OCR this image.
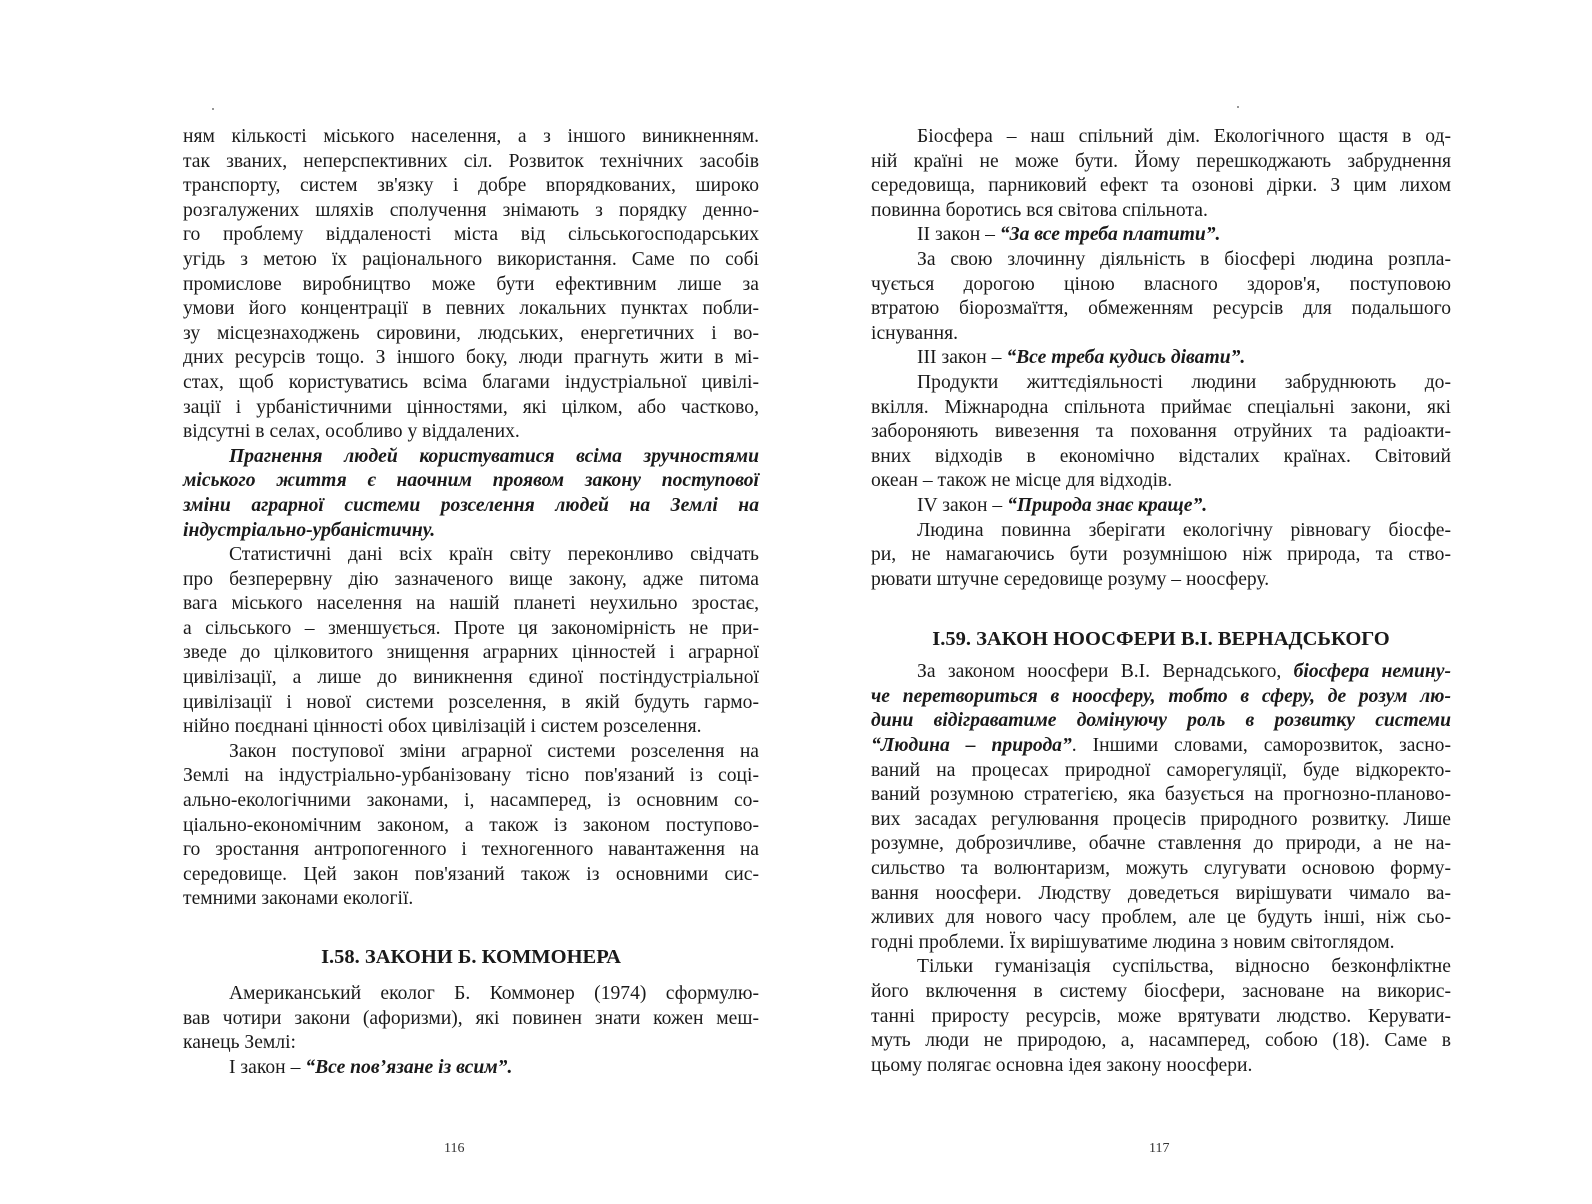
ням кількості міського населення, а з іншого виникненням.
так званих, неперспективних сіл. Розвиток технічних засобів
транспорту, систем зв'язку і добре впорядкованих, широко
розгалужених шляхів сполучення знімають з порядку денно-
го проблему віддаленості міста від сільськогосподарських
угідь з метою їх раціонального використання. Саме по собі
промислове виробництво може бути ефективним лише за
умови його концентрації в певних локальних пунктах побли-
зу місцезнаходжень сировини, людських, енергетичних і во-
дних ресурсів тощо. З іншого боку, люди прагнуть жити в мі-
стах, щоб користуватись всіма благами індустріальної цивілі-
зації і урбаністичними цінностями, які цілком, або частково,
відсутні в селах, особливо у віддалених.
Прагнення людей користуватися всіма зручностями
міського життя є наочним проявом закону поступової
зміни аграрної системи розселення людей на Землі на
індустріально-урбаністичну.
Статистичні дані всіх країн світу переконливо свідчать
про безперервну дію зазначеного вище закону, адже питома
вага міського населення на нашій планеті неухильно зростає,
а сільського – зменшується. Проте ця закономірність не при-
зведе до цілковитого знищення аграрних цінностей і аграрної
цивілізації, а лише до виникнення єдиної постіндустріальної
цивілізації і нової системи розселення, в якій будуть гармо-
нійно поєднані цінності обох цивілізацій і систем розселення.
Закон поступової зміни аграрної системи розселення на
Землі на індустріально-урбанізовану тісно пов'язаний із соці-
ально-екологічними законами, і, насамперед, із основним со-
ціально-економічним законом, а також із законом поступово-
го зростання антропогенного і техногенного навантаження на
середовище. Цей закон пов'язаний також із основними сис-
темними законами екології.
І.58. ЗАКОНИ Б. КОММОНЕРА
Американський еколог Б. Коммонер (1974) сформулю-
вав чотири закони (афоризми), які повинен знати кожен меш-
канець Землі:
І закон – “Все пов’язане із всим”.
116
Біосфера – наш спільний дім. Екологічного щастя в од-
ній країні не може бути. Йому перешкоджають забруднення
середовища, парниковий ефект та озонові дірки. З цим лихом
повинна боротись вся світова спільнота.
ІІ закон – “За все треба платити”.
За свою злочинну діяльність в біосфері людина розпла-
чується дорогою ціною власного здоров'я, поступовою
втратою біорозмаїття, обмеженням ресурсів для подальшого
існування.
ІІІ закон – “Все треба кудись дівати”.
Продукти життєдіяльності людини забруднюють до-
вкілля. Міжнародна спільнота приймає спеціальні закони, які
забороняють вивезення та поховання отруйних та радіоакти-
вних відходів в економічно відсталих країнах. Світовий
океан – також не місце для відходів.
IV закон – “Природа знає краще”.
Людина повинна зберігати екологічну рівновагу біосфе-
ри, не намагаючись бути розумнішою ніж природа, та ство-
рювати штучне середовище розуму – ноосферу.
І.59. ЗАКОН НООСФЕРИ В.І. ВЕРНАДСЬКОГО
За законом ноосфери В.І. Вернадського, біосфера немину-
че перетвориться в ноосферу, тобто в сферу, де розум лю-
дини відіграватиме домінуючу роль в розвитку системи
“Людина – природа”. Іншими словами, саморозвиток, засно-
ваний на процесах природної саморегуляції, буде відкоректо-
ваний розумною стратегією, яка базується на прогнозно-планово-
вих засадах регулювання процесів природного розвитку. Лише
розумне, доброзичливе, обачне ставлення до природи, а не на-
сильство та волюнтаризм, можуть слугувати основою форму-
вання ноосфери. Людству доведеться вирішувати чимало ва-
жливих для нового часу проблем, але це будуть інші, ніж сьо-
годні проблеми. Їх вирішуватиме людина з новим світоглядом.
Тільки гуманізація суспільства, відносно безконфліктне
його включення в систему біосфери, засноване на викорис-
танні приросту ресурсів, може врятувати людство. Керувати-
муть люди не природою, а, насамперед, собою (18). Саме в
цьому полягає основна ідея закону ноосфери.
117
